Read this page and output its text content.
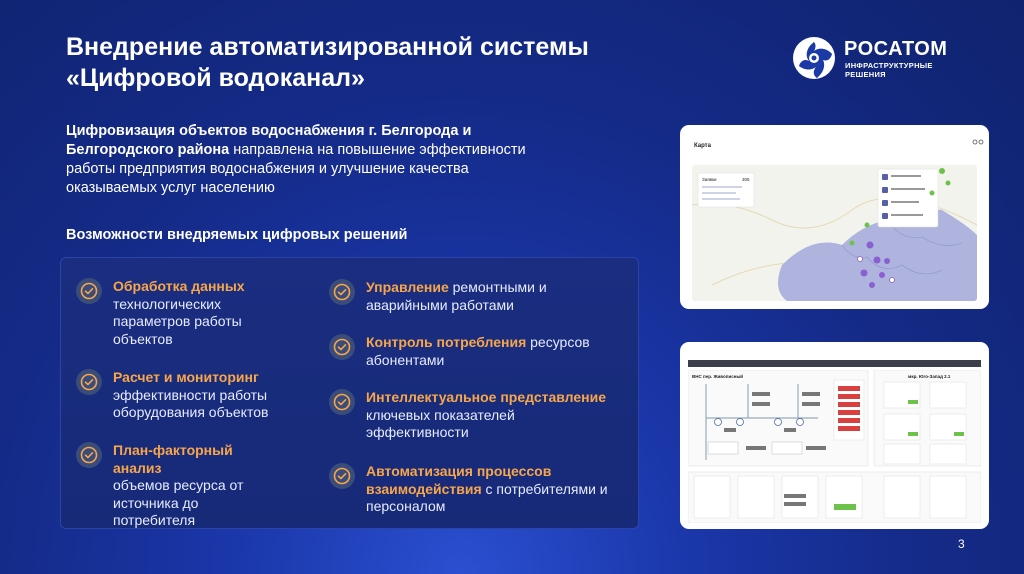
Внедрение автоматизированной системы
«Цифровой водоканал»
РОСАТОМ
ИНФРАСТРУКТУРНЫЕ
РЕШЕНИЯ
Цифровизация объектов водоснабжения г. Белгорода и Белгородского района направлена на повышение эффективности работы предприятия водоснабжения и улучшение качества оказываемых услуг населению
Возможности внедряемых цифровых решений
Обработка данных
технологических параметров работы объектов
Расчет и мониторинг
эффективности работы оборудования объектов
План-факторный анализ
объемов ресурса от источника до потребителя
Управление ремонтными и аварийными работами
Контроль потребления ресурсов абонентами
Интеллектуальное представление ключевых показателей эффективности
Автоматизация процессов взаимодействия с потребителями и персоналом
Карта
Заявки	305
ВНС пер. Живописный	мкр. Юго-Запад 2.1
3
